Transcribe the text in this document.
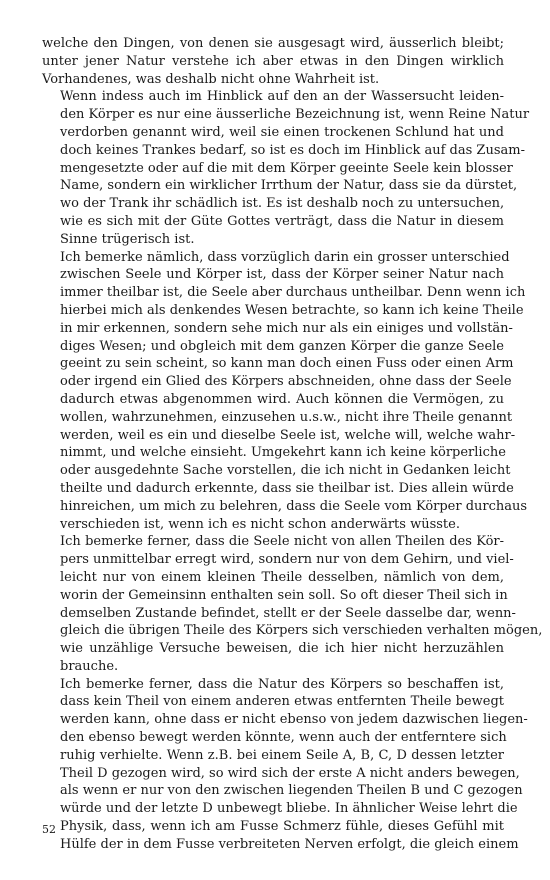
welche den Dingen, von denen sie ausgesagt wird, äusserlich bleibt;
unter jener Natur verstehe ich aber etwas in den Dingen wirklich
Vorhandenes, was deshalb nicht ohne Wahrheit ist.

Wenn indess auch im Hinblick auf den an der Wassersucht leiden-
den Körper es nur eine äusserliche Bezeichnung ist, wenn Reine Natur
verdorben genannt wird, weil sie einen trockenen Schlund hat und
doch keines Trankes bedarf, so ist es doch im Hinblick auf das Zusam-
mengesetzte oder auf die mit dem Körper geeinte Seele kein blosser
Name, sondern ein wirklicher Irrthum der Natur, dass sie da dürstet,
wo der Trank ihr schädlich ist. Es ist deshalb noch zu untersuchen,
wie es sich mit der Güte Gottes verträgt, dass die Natur in diesem
Sinne trügerisch ist.

Ich bemerke nämlich, dass vorzüglich darin ein grosser unterschied
zwischen Seele und Körper ist, dass der Körper seiner Natur nach
immer theilbar ist, die Seele aber durchaus untheilbar. Denn wenn ich
hierbei mich als denkendes Wesen betrachte, so kann ich keine Theile
in mir erkennen, sondern sehe mich nur als ein einiges und vollstän-
diges Wesen; und obgleich mit dem ganzen Körper die ganze Seele
geeint zu sein scheint, so kann man doch einen Fuss oder einen Arm
oder irgend ein Glied des Körpers abschneiden, ohne dass der Seele
dadurch etwas abgenommen wird. Auch können die Vermögen, zu
wollen, wahrzunehmen, einzusehen u.s.w., nicht ihre Theile genannt
werden, weil es ein und dieselbe Seele ist, welche will, welche wahr-
nimmt, und welche einsieht. Umgekehrt kann ich keine körperliche
oder ausgedehnte Sache vorstellen, die ich nicht in Gedanken leicht
theilte und dadurch erkennte, dass sie theilbar ist. Dies allein würde
hinreichen, um mich zu belehren, dass die Seele vom Körper durchaus
verschieden ist, wenn ich es nicht schon anderwärts wüsste.

Ich bemerke ferner, dass die Seele nicht von allen Theilen des Kör-
pers unmittelbar erregt wird, sondern nur von dem Gehirn, und viel-
leicht nur von einem kleinen Theile desselben, nämlich von dem,
worin der Gemeinsinn enthalten sein soll. So oft dieser Theil sich in
demselben Zustande befindet, stellt er der Seele dasselbe dar, wenn-
gleich die übrigen Theile des Körpers sich verschieden verhalten mögen,
wie unzählige Versuche beweisen, die ich hier nicht herzuzählen
brauche.

Ich bemerke ferner, dass die Natur des Körpers so beschaffen ist,
dass kein Theil von einem anderen etwas entfernten Theile bewegt
werden kann, ohne dass er nicht ebenso von jedem dazwischen liegen-
den ebenso bewegt werden könnte, wenn auch der entferntere sich
ruhig verhielte. Wenn z.B. bei einem Seile A, B, C, D dessen letzter
Theil D gezogen wird, so wird sich der erste A nicht anders bewegen,
als wenn er nur von den zwischen liegenden Theilen B und C gezogen
würde und der letzte D unbewegt bliebe. In ähnlicher Weise lehrt die
Physik, dass, wenn ich am Fusse Schmerz fühle, dieses Gefühl mit
Hülfe der in dem Fusse verbreiteten Nerven erfolgt, die gleich einem

52
